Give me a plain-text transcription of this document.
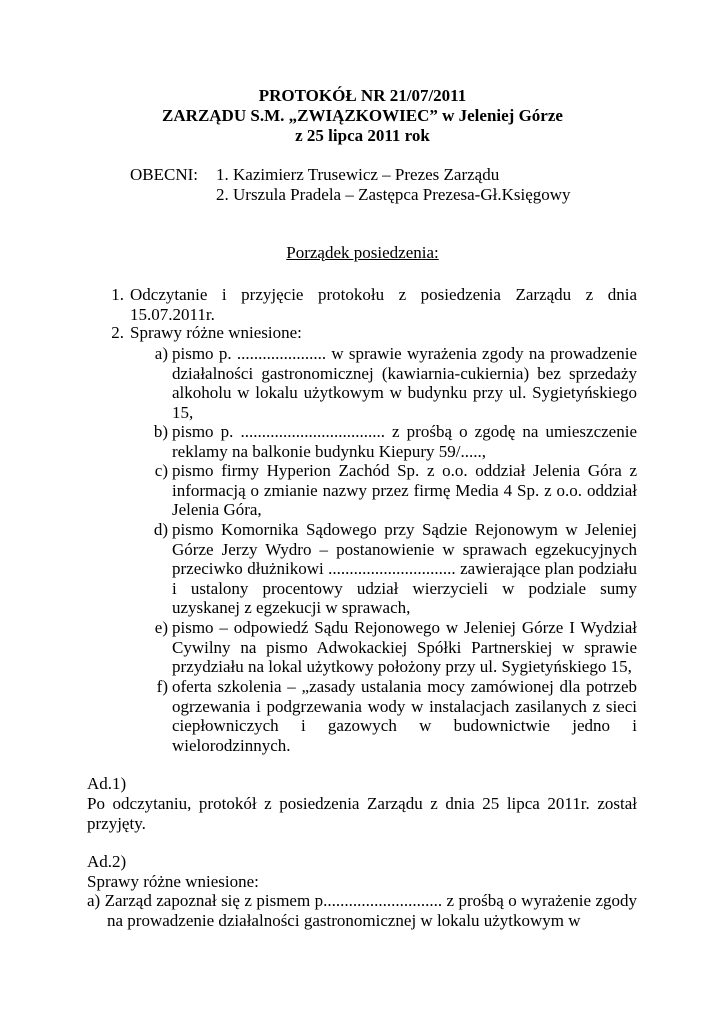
PROTOKÓŁ NR 21/07/2011
ZARZĄDU S.M. „ZWIĄZKOWIEC” w Jeleniej Górze
z 25 lipca 2011 rok
OBECNI: 1. Kazimierz Trusewicz – Prezes Zarządu
2. Urszula Pradela – Zastępca Prezesa-Gł.Księgowy
Porządek posiedzenia:
1. Odczytanie i przyjęcie protokołu z posiedzenia Zarządu z dnia 15.07.2011r.
2. Sprawy różne wniesione:
a) pismo p. ..................... w sprawie wyrażenia zgody na prowadzenie działalności gastronomicznej (kawiarnia-cukiernia) bez sprzedaży alkoholu w lokalu użytkowym w budynku przy ul. Sygietyńskiego 15,
b) pismo p. .................................. z prośbą o zgodę na umieszczenie reklamy na balkonie budynku Kiepury 59/.....,
c) pismo firmy Hyperion Zachód Sp. z o.o. oddział Jelenia Góra z informacją o zmianie nazwy przez firmę Media 4 Sp. z o.o. oddział Jelenia Góra,
d) pismo Komornika Sądowego przy Sądzie Rejonowym w Jeleniej Górze Jerzy Wydro – postanowienie w sprawach egzekucyjnych przeciwko dłużnikowi .............................. zawierające plan podziału i ustalony procentowy udział wierzycieli w podziale sumy uzyskanej z egzekucji w sprawach,
e) pismo – odpowiedź Sądu Rejonowego w Jeleniej Górze I Wydział Cywilny na pismo Adwokackiej Spółki Partnerskiej w sprawie przydziału na lokal użytkowy położony przy ul. Sygietyńskiego 15,
f) oferta szkolenia – „zasady ustalania mocy zamówionej dla potrzeb ogrzewania i podgrzewania wody w instalacjach zasilanych z sieci ciepłowniczych i gazowych w budownictwie jedno i wielorodzinnych.
Ad.1)
Po odczytaniu, protokół z posiedzenia Zarządu z dnia 25 lipca 2011r. został przyjęty.
Ad.2)
Sprawy różne wniesione:
a) Zarząd zapoznał się z pismem p............................ z prośbą o wyrażenie zgody na prowadzenie działalności gastronomicznej w lokalu użytkowym w
